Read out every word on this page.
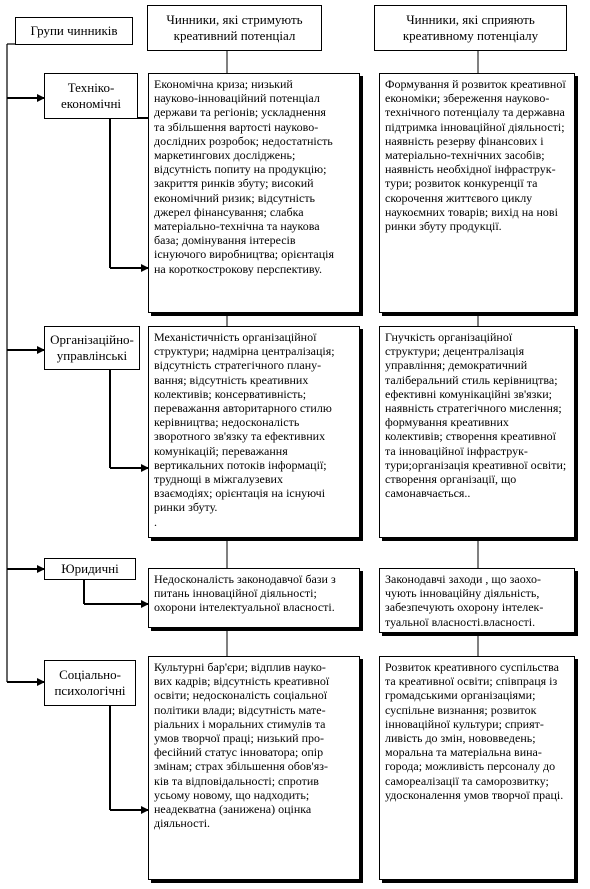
Групи чинників
Чинники, які стримують
креативний потенціал
Чинники, які сприяють
креативному потенціалу
Техніко-
економічні
Економічна криза; низький
науково-інноваційний потенціал
держави та регіонів; ускладнення
та збільшення вартості науково-
дослідних розробок; недостатність
маркетингових досліджень;
відсутність попиту на продукцію;
закриття ринків збуту; високий
економічний ризик; відсутність
джерел фінансування; слабка
матеріально-технічна та наукова
база; домінування інтересів
існуючого виробництва; орієнтація
на короткострокову перспективу.
Формування й розвиток креативної
економіки; збереження науково-
технічного потенціалу та державна
підтримка інноваційної діяльності;
наявність резерву фінансових і
матеріально-технічних засобів;
наявність необхідної інфраструк-
тури; розвиток конкуренції та
скорочення життєвого циклу
наукоємних товарів; вихід на нові
ринки збуту продукції.
Організаційно-
управлінські
Механістичність організаційної
структури; надмірна централізація;
відсутність стратегічного плану-
вання; відсутність креативних
колективів; консервативність;
переважання авторитарного стилю
керівництва; недосконалість
зворотного зв'язку та ефективних
комунікацій; переважання
вертикальних потоків інформації;
труднощі в міжгалузевих
взаємодіях; орієнтація на існуючі
ринки збуту.
.
Гнучкість організаційної
структури; децентралізація
управління; демократичний
таліберальний стиль керівництва;
ефективні комунікаційні зв'язки;
наявність стратегічного мислення;
формування креативних
колективів; створення креативної
та інноваційної інфраструк-
тури;організація креативної освіти;
створення організації, що
самонавчається..
Юридичні
Недосконалість законодавчої бази з
питань інноваційної діяльності;
охорони інтелектуальної власності.
Законодавчі заходи , що заохо-
чують інноваційну діяльність,
забезпечують охорону інтелек-
туальної власності.власності.
Соціально-
психологічні
Культурні бар'єри; відплив науко-
вих кадрів; відсутність креативної
освіти; недосконалість соціальної
політики влади; відсутність мате-
ріальних і моральних стимулів та
умов творчої праці; низький про-
фесійний статус інноватора; опір
змінам; страх збільшення обов'яз-
ків та відповідальності; спротив
усьому новому, що надходить;
неадекватна (занижена) оцінка
діяльності.
Розвиток креативного суспільства
та креативної освіти; співпраця із
громадськими організаціями;
суспільне визнання; розвиток
інноваційної культури; сприят-
ливість до змін, нововведень;
моральна та матеріальна вина-
города; можливість персоналу до
самореалізації та саморозвитку;
удосконалення умов творчої праці.
